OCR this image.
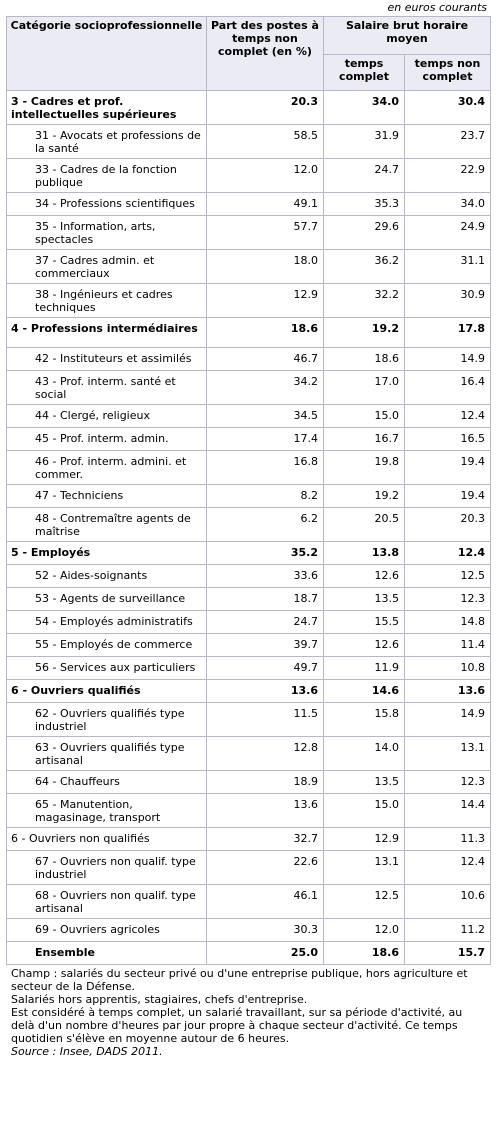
en euros courants
Catégorie socioprofessionnelle	Part des postes à temps non complet (en %)	Salaire brut horaire moyen	
		temps complet	temps non complet
3 - Cadres et prof. intellectuelles supérieures	20.3	34.0	30.4
31 - Avocats et professions de la santé	58.5	31.9	23.7
33 - Cadres de la fonction publique	12.0	24.7	22.9
34 - Professions scientifiques	49.1	35.3	34.0
35 - Information, arts, spectacles	57.7	29.6	24.9
37 - Cadres admin. et commerciaux	18.0	36.2	31.1
38 - Ingénieurs et cadres techniques	12.9	32.2	30.9
4 - Professions intermédiaires	18.6	19.2	17.8
42 - Instituteurs et assimilés	46.7	18.6	14.9
43 - Prof. interm. santé et social	34.2	17.0	16.4
44 - Clergé, religieux	34.5	15.0	12.4
45 - Prof. interm. admin.	17.4	16.7	16.5
46 - Prof. interm. admini. et commer.	16.8	19.8	19.4
47 - Techniciens	8.2	19.2	19.4
48 - Contremaître agents de maîtrise	6.2	20.5	20.3
5 - Employés	35.2	13.8	12.4
52 - Aides-soignants	33.6	12.6	12.5
53 - Agents de surveillance	18.7	13.5	12.3
54 - Employés administratifs	24.7	15.5	14.8
55 - Employés de commerce	39.7	12.6	11.4
56 - Services aux particuliers	49.7	11.9	10.8
6 - Ouvriers qualifiés	13.6	14.6	13.6
62 - Ouvriers qualifiés type industriel	11.5	15.8	14.9
63 - Ouvriers qualifiés type artisanal	12.8	14.0	13.1
64 - Chauffeurs	18.9	13.5	12.3
65 - Manutention, magasinage, transport	13.6	15.0	14.4
6 - Ouvriers non qualifiés	32.7	12.9	11.3
67 - Ouvriers non qualif. type industriel	22.6	13.1	12.4
68 - Ouvriers non qualif. type artisanal	46.1	12.5	10.6
69 - Ouvriers agricoles	30.3	12.0	11.2
Ensemble	25.0	18.6	15.7

Champ : salariés du secteur privé ou d'une entreprise publique, hors agriculture et secteur de la Défense.

Salariés hors apprentis, stagiaires, chefs d'entreprise.

Est considéré à temps complet, un salarié travaillant, sur sa période d'activité, au delà d'un nombre d'heures par jour propre à chaque secteur d'activité. Ce temps quotidien s'élève en moyenne autour de 6 heures.

Source : Insee, DADS 2011.
